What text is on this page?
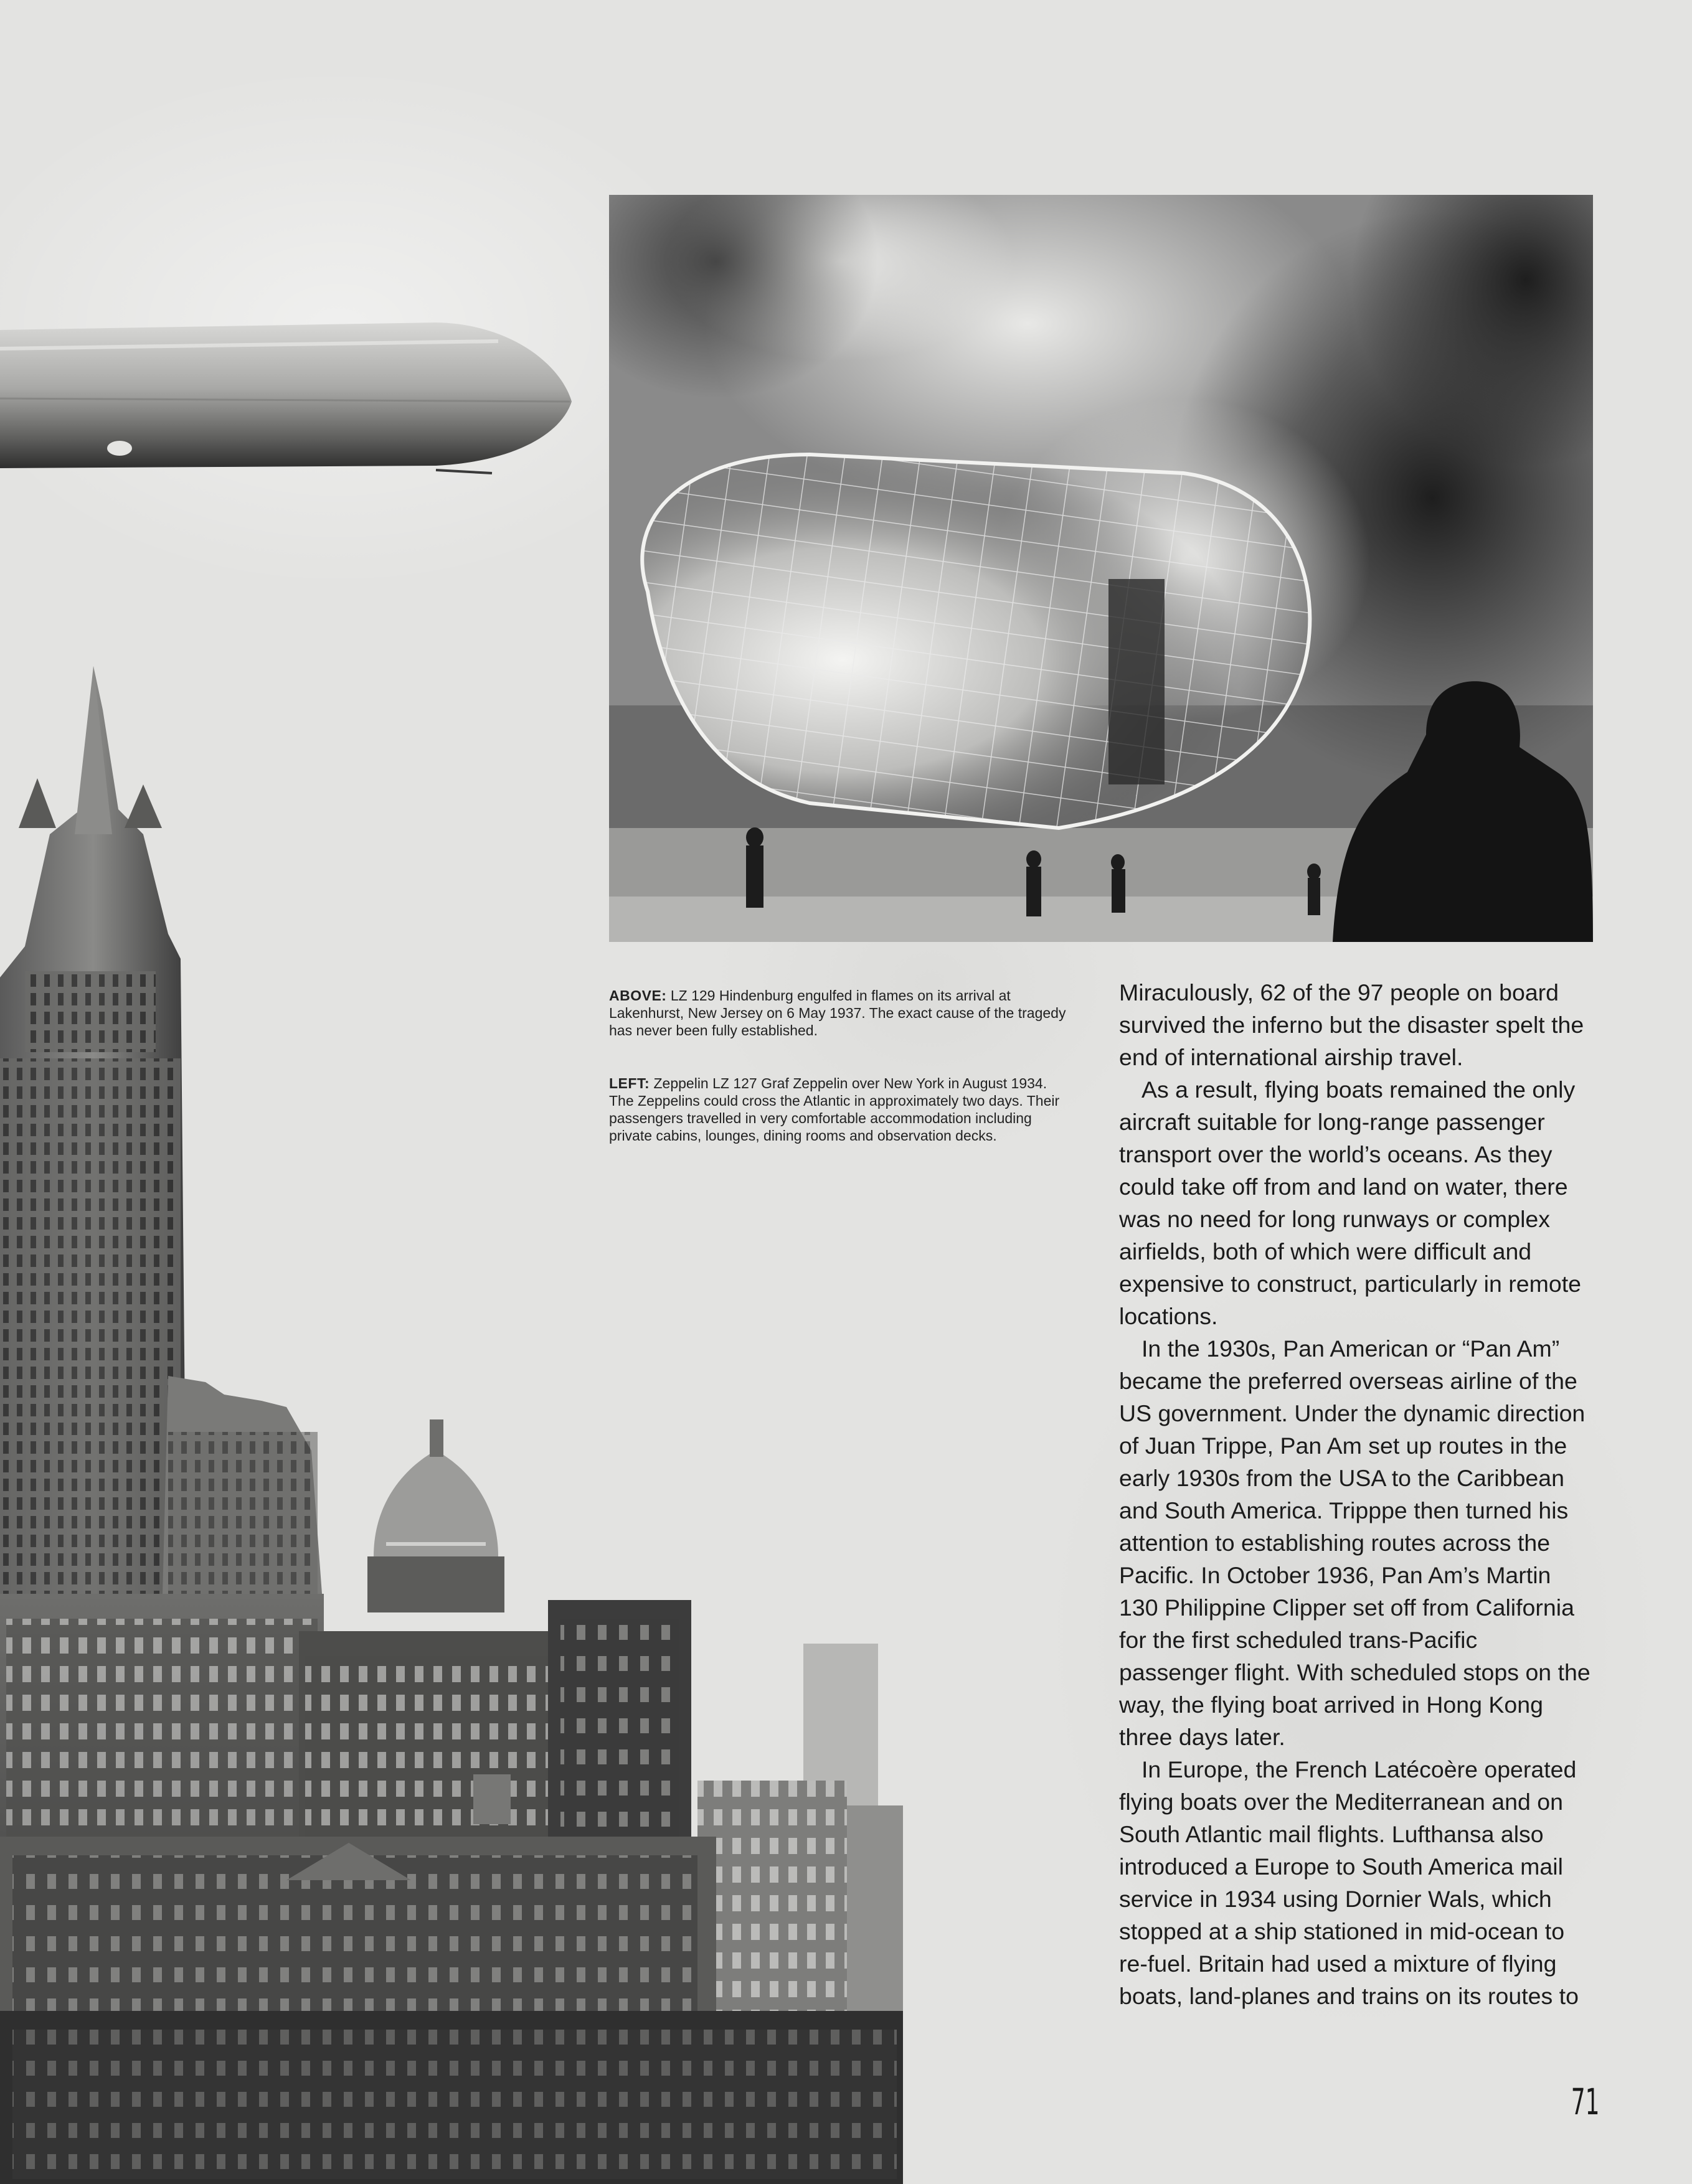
ABOVE: LZ 129 Hindenburg engulfed in flames on its arrival at Lakenhurst, New Jersey on 6 May 1937. The exact cause of the tragedy has never been fully established.
LEFT: Zeppelin LZ 127 Graf Zeppelin over New York in August 1934. The Zeppelins could cross the Atlantic in approximately two days. Their passengers travelled in very comfortable accommodation including private cabins, lounges, dining rooms and observation decks.

Miraculously, 62 of the 97 people on board survived the inferno but the disaster spelt the end of international airship travel.

As a result, flying boats remained the only aircraft suitable for long-range passenger transport over the world’s oceans. As they could take off from and land on water, there was no need for long runways or complex airfields, both of which were difficult and expensive to construct, particularly in remote locations.

In the 1930s, Pan American or “Pan Am” became the preferred overseas airline of the US government. Under the dynamic direction of Juan Trippe, Pan Am set up routes in the early 1930s from the USA to the Caribbean and South America. Tripppe then turned his attention to establishing routes across the Pacific. In October 1936, Pan Am’s Martin 130 Philippine Clipper set off from California for the first scheduled trans-Pacific passenger flight. With scheduled stops on the way, the flying boat arrived in Hong Kong three days later.

In Europe, the French Latécoère operated flying boats over the Mediterranean and on South Atlantic mail flights. Lufthansa also introduced a Europe to South America mail service in 1934 using Dornier Wals, which stopped at a ship stationed in mid-ocean to re-fuel. Britain had used a mixture of flying boats, land-planes and trains on its routes to

71
